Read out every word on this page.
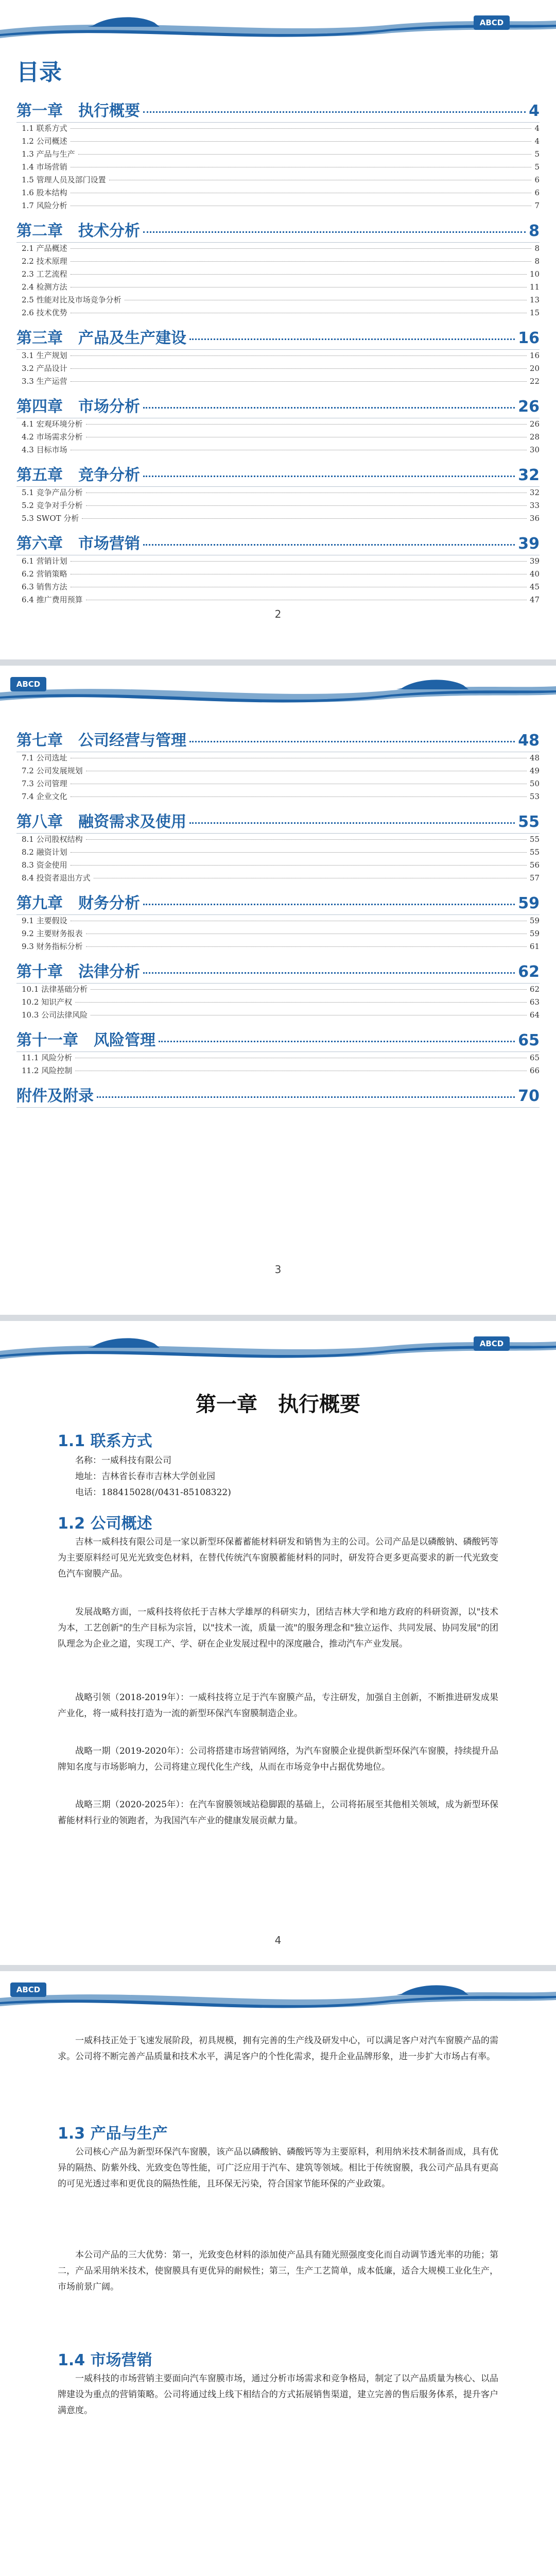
ABCD
目录
第一章　执行概要	4
1.1 联系方式	4
1.2 公司概述	4
1.3 产品与生产	5
1.4 市场营销	5
1.5 管理人员及部门设置	6
1.6 股本结构	6
1.7 风险分析	7
第二章　技术分析	8
2.1 产品概述	8
2.2 技术原理	8
2.3 工艺流程	10
2.4 检测方法	11
2.5 性能对比及市场竞争分析	13
2.6 技术优势	15
第三章　产品及生产建设	16
3.1 生产规划	16
3.2 产品设计	20
3.3 生产运营	22
第四章　市场分析	26
4.1 宏观环境分析	26
4.2 市场需求分析	28
4.3 目标市场	30
第五章　竞争分析	32
5.1 竞争产品分析	32
5.2 竞争对手分析	33
5.3 SWOT 分析	36
第六章　市场营销	39
6.1 营销计划	39
6.2 营销策略	40
6.3 销售方法	45
6.4 推广费用预算	47
2
ABCD
第七章　公司经营与管理	48
7.1 公司选址	48
7.2 公司发展规划	49
7.3 公司管理	50
7.4 企业文化	53
第八章　融资需求及使用	55
8.1 公司股权结构	55
8.2 融资计划	55
8.3 资金使用	56
8.4 投资者退出方式	57
第九章　财务分析	59
9.1 主要假设	59
9.2 主要财务报表	59
9.3 财务指标分析	61
第十章　法律分析	62
10.1 法律基础分析	62
10.2 知识产权	63
10.3 公司法律风险	64
第十一章　风险管理	65
11.1 风险分析	65
11.2 风险控制	66
附件及附录	70
3
ABCD
第一章　执行概要
1.1 联系方式
名称：一威科技有限公司
地址：吉林省长春市吉林大学创业园
电话：188415028(/0431-85108322)
1.2 公司概述
吉林一威科技有限公司是一家以新型环保蓄蓄能材料研发和销售为主的公司。公司产品是以磷酸钠、磷酸钙等为主要原料经可见光光致变色材料，在替代传统汽车窗膜蓄能材料的同时，研发符合更多更高要求的新一代光致变色汽车窗膜产品。
发展战略方面，一威科技将依托于吉林大学雄厚的科研实力，团结吉林大学和地方政府的科研资源，以"技术为本，工艺创新"的生产目标为宗旨，以"技术一流，质量一流"的服务理念和"独立运作、共同发展、协同发展"的团队理念为企业之道，实现工产、学、研在企业发展过程中的深度融合，推动汽车产业发展。
战略引领（2018-2019年）：一威科技将立足于汽车窗膜产品，专注研发，加强自主创新，不断推进研发成果产业化，将一威科技打造为一流的新型环保汽车窗膜制造企业。
战略一期（2019-2020年）：公司将搭建市场营销网络，为汽车窗膜企业提供新型环保汽车窗膜，持续提升品牌知名度与市场影响力，公司将建立现代化生产线，从而在市场竞争中占据优势地位。
战略三期（2020-2025年）：在汽车窗膜领域站稳脚跟的基础上，公司将拓展至其他相关领域，成为新型环保蓄能材料行业的领跑者，为我国汽车产业的健康发展贡献力量。
4
ABCD
一威科技正处于飞速发展阶段，初具规模，拥有完善的生产线及研发中心，可以满足客户对汽车窗膜产品的需求。公司将不断完善产品质量和技术水平，满足客户的个性化需求，提升企业品牌形象，进一步扩大市场占有率。
1.3 产品与生产
公司核心产品为新型环保汽车窗膜，该产品以磷酸钠、磷酸钙等为主要原料，利用纳米技术制备而成，具有优异的隔热、防紫外线、光致变色等性能，可广泛应用于汽车、建筑等领域。相比于传统窗膜，我公司产品具有更高的可见光透过率和更优良的隔热性能，且环保无污染，符合国家节能环保的产业政策。
本公司产品的三大优势：第一，光致变色材料的添加使产品具有随光照强度变化而自动调节透光率的功能；第二，产品采用纳米技术，使窗膜具有更优异的耐候性；第三，生产工艺简单，成本低廉，适合大规模工业化生产，市场前景广阔。
1.4 市场营销
一威科技的市场营销主要面向汽车窗膜市场，通过分析市场需求和竞争格局，制定了以产品质量为核心、以品牌建设为重点的营销策略。公司将通过线上线下相结合的方式拓展销售渠道，建立完善的售后服务体系，提升客户满意度。
